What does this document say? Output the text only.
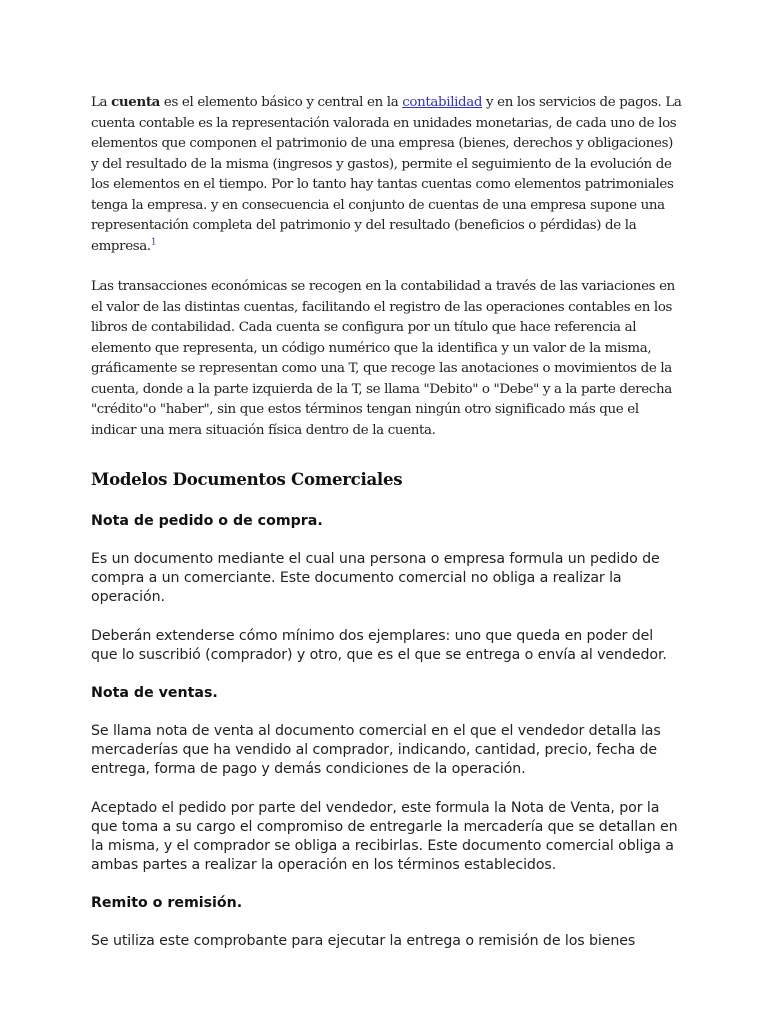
La cuenta es el elemento básico y central en la contabilidad y en los servicios de pagos. La cuenta contable es la representación valorada en unidades monetarias, de cada uno de los elementos que componen el patrimonio de una empresa (bienes, derechos y obligaciones) y del resultado de la misma (ingresos y gastos), permite el seguimiento de la evolución de los elementos en el tiempo. Por lo tanto hay tantas cuentas como elementos patrimoniales tenga la empresa. y en consecuencia el conjunto de cuentas de una empresa supone una representación completa del patrimonio y del resultado (beneficios o pérdidas) de la empresa.$^1$

Las transacciones económicas se recogen en la contabilidad a través de las variaciones en el valor de las distintas cuentas, facilitando el registro de las operaciones contables en los libros de contabilidad. Cada cuenta se configura por un título que hace referencia al elemento que representa, un código numérico que la identifica y un valor de la misma, gráficamente se representan como una T, que recoge las anotaciones o movimientos de la cuenta, donde a la parte izquierda de la T, se llama "Debito" o "Debe" y a la parte derecha "crédito"o "haber", sin que estos términos tengan ningún otro significado más que el indicar una mera situación física dentro de la cuenta.

Modelos Documentos Comerciales
Nota de pedido o de compra.

Es un documento mediante el cual una persona o empresa formula un pedido de compra a un comerciante. Este documento comercial no obliga a realizar la operación.

Deberán extenderse cómo mínimo dos ejemplares: uno que queda en poder del que lo suscribió (comprador) y otro, que es el que se entrega o envía al vendedor.

Nota de ventas.

Se llama nota de venta al documento comercial en el que el vendedor detalla las mercaderías que ha vendido al comprador, indicando, cantidad, precio, fecha de entrega, forma de pago y demás condiciones de la operación.

Aceptado el pedido por parte del vendedor, este formula la Nota de Venta, por la que toma a su cargo el compromiso de entregarle la mercadería que se detallan en la misma, y el comprador se obliga a recibirlas. Este documento comercial obliga a ambas partes a realizar la operación en los términos establecidos.

Remito o remisión.

Se utiliza este comprobante para ejecutar la entrega o remisión de los bienes
